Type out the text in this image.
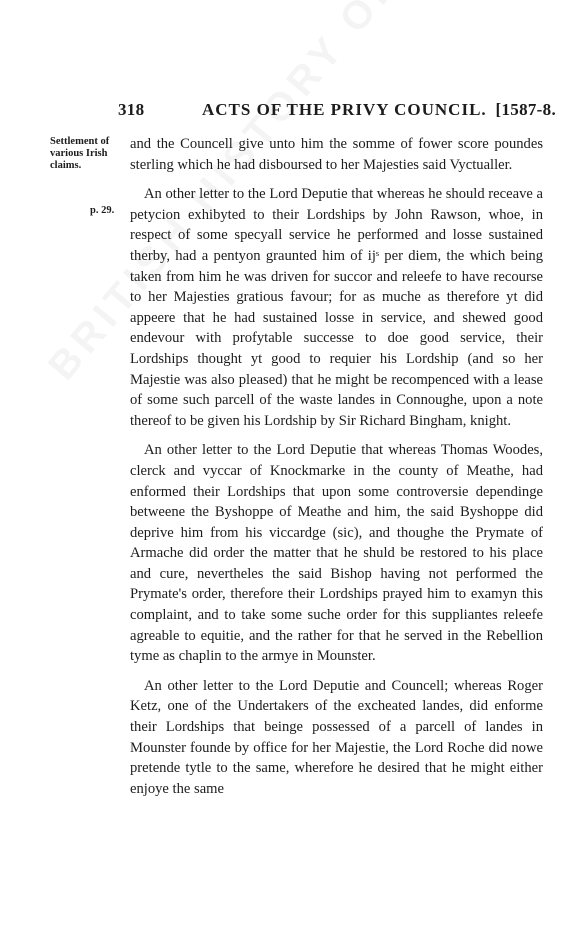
318	ACTS OF THE PRIVY COUNCIL. [1587-8.
Settlement of
various Irish
claims.
p. 29.

and the Councell give unto him the somme of fower score poundes sterling which he had disboursed to her Majesties said Vyctualler.

An other letter to the Lord Deputie that whereas he should receave a petycion exhibyted to their Lordships by John Rawson, whoe, in respect of some specyall service he performed and losse sustained therby, had a pentyon graunted him of ijˢ per diem, the which being taken from him he was driven for succor and releefe to have recourse to her Majesties gratious favour; for as muche as therefore yt did appeere that he had sustained losse in service, and shewed good endevour with profytable successe to doe good service, their Lordships thought yt good to requier his Lordship (and so her Majestie was also pleased) that he might be recompenced with a lease of some such parcell of the waste landes in Connoughe, upon a note thereof to be given his Lordship by Sir Richard Bingham, knight.

An other letter to the Lord Deputie that whereas Thomas Woodes, clerck and vyccar of Knockmarke in the county of Meathe, had enformed their Lordships that upon some controversie dependinge betweene the Byshoppe of Meathe and him, the said Byshoppe did deprive him from his viccardge (sic), and thoughe the Prymate of Armache did order the matter that he shuld be restored to his place and cure, nevertheles the said Bishop having not performed the Prymate's order, therefore their Lordships prayed him to examyn this complaint, and to take some suche order for this suppliantes releefe agreable to equitie, and the rather for that he served in the Rebellion tyme as chaplin to the armye in Mounster.

An other letter to the Lord Deputie and Councell; whereas Roger Ketz, one of the Undertakers of the excheated landes, did enforme their Lordships that beinge possessed of a parcell of landes in Mounster founde by office for her Majestie, the Lord Roche did nowe pretende tytle to the same, wherefore he desired that he might either enjoye the same
